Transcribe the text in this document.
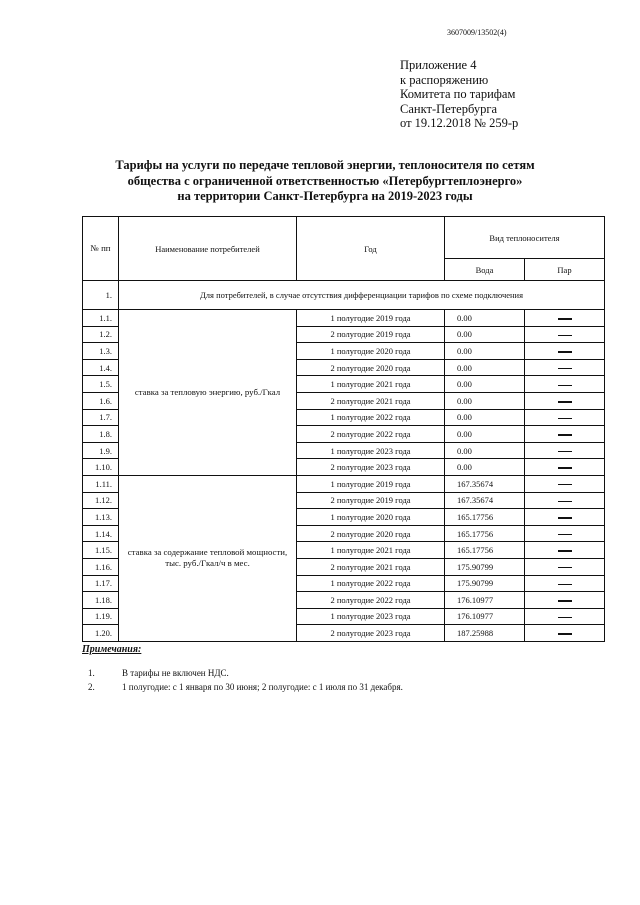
3607009/13502(4)
Приложение 4
к распоряжению
Комитета по тарифам
Санкт-Петербурга
от 19.12.2018 № 259-р
Тарифы на услуги по передаче тепловой энергии, теплоносителя по сетям
общества с ограниченной ответственностью «Петербургтеплоэнерго»
на территории Санкт-Петербурга на 2019-2023 годы
№ пп	Наименование потребителей	Год	Вид теплоносителя	
			Вода	Пар
1.	Для потребителей, в случае отсутствия дифференциации тарифов по схеме подключения			
1.1.	ставка за тепловую энергию, руб./Гкал	1 полугодие 2019 года	0.00	
1.2.		2 полугодие 2019 года	0.00	
1.3.		1 полугодие 2020 года	0.00	
1.4.		2 полугодие 2020 года	0.00	
1.5.		1 полугодие 2021 года	0.00	
1.6.		2 полугодие 2021 года	0.00	
1.7.		1 полугодие 2022 года	0.00	
1.8.		2 полугодие 2022 года	0.00	
1.9.		1 полугодие 2023 года	0.00	
1.10.		2 полугодие 2023 года	0.00	
1.11.	ставка за содержание тепловой мощности, тыс. руб./Гкал/ч в мес.	1 полугодие 2019 года	167.35674	
1.12.		2 полугодие 2019 года	167.35674	
1.13.		1 полугодие 2020 года	165.17756	
1.14.		2 полугодие 2020 года	165.17756	
1.15.		1 полугодие 2021 года	165.17756	
1.16.		2 полугодие 2021 года	175.90799	
1.17.		1 полугодие 2022 года	175.90799	
1.18.		2 полугодие 2022 года	176.10977	
1.19.		1 полугодие 2023 года	176.10977	
1.20.		2 полугодие 2023 года	187.25988	
Примечания:
1.	В тарифы не включен НДС.
2.	1 полугодие: с 1 января по 30 июня; 2 полугодие: с 1 июля по 31 декабря.
